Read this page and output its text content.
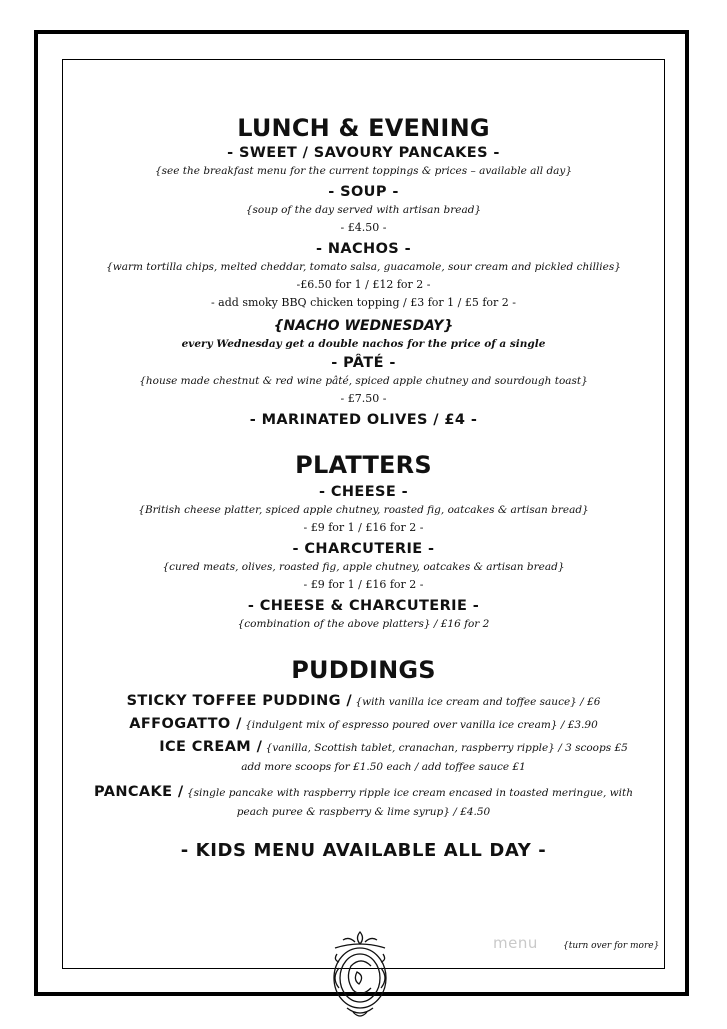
LUNCH & EVENING
- SWEET / SAVOURY PANCAKES -
{see the breakfast menu for the current toppings & prices – available all day}
- SOUP -
{soup of the day served with artisan bread}
- £4.50 -
- NACHOS -
{warm tortilla chips, melted cheddar, tomato salsa, guacamole, sour cream and pickled chillies}
-£6.50 for 1 / £12 for 2 -
- add smoky BBQ chicken topping / £3 for 1 / £5 for 2 -
{NACHO WEDNESDAY}
every Wednesday get a double nachos for the price of a single
- PÂTÉ -
{house made chestnut & red wine pâté, spiced apple chutney and sourdough toast}
- £7.50 -
- MARINATED OLIVES / £4 -
PLATTERS
- CHEESE -
{British cheese platter, spiced apple chutney, roasted fig, oatcakes & artisan bread}
- £9 for 1 / £16 for 2 -
- CHARCUTERIE -
{cured meats, olives, roasted fig, apple chutney, oatcakes & artisan bread}
- £9 for 1 / £16 for 2 -
- CHEESE & CHARCUTERIE -
{combination of the above platters} / £16 for 2
PUDDINGS
STICKY TOFFEE PUDDING / {with vanilla ice cream and toffee sauce} / £6
AFFOGATTO / {indulgent mix of espresso poured over vanilla ice cream} / £3.90
ICE CREAM / {vanilla, Scottish tablet, cranachan, raspberry ripple} / 3 scoops £5
add more scoops for £1.50 each / add toffee sauce £1
PANCAKE / {single pancake with raspberry ripple ice cream encased in toasted meringue, with
peach puree & raspberry & lime syrup} / £4.50
- KIDS MENU AVAILABLE ALL DAY -
menu	{turn over for more}
